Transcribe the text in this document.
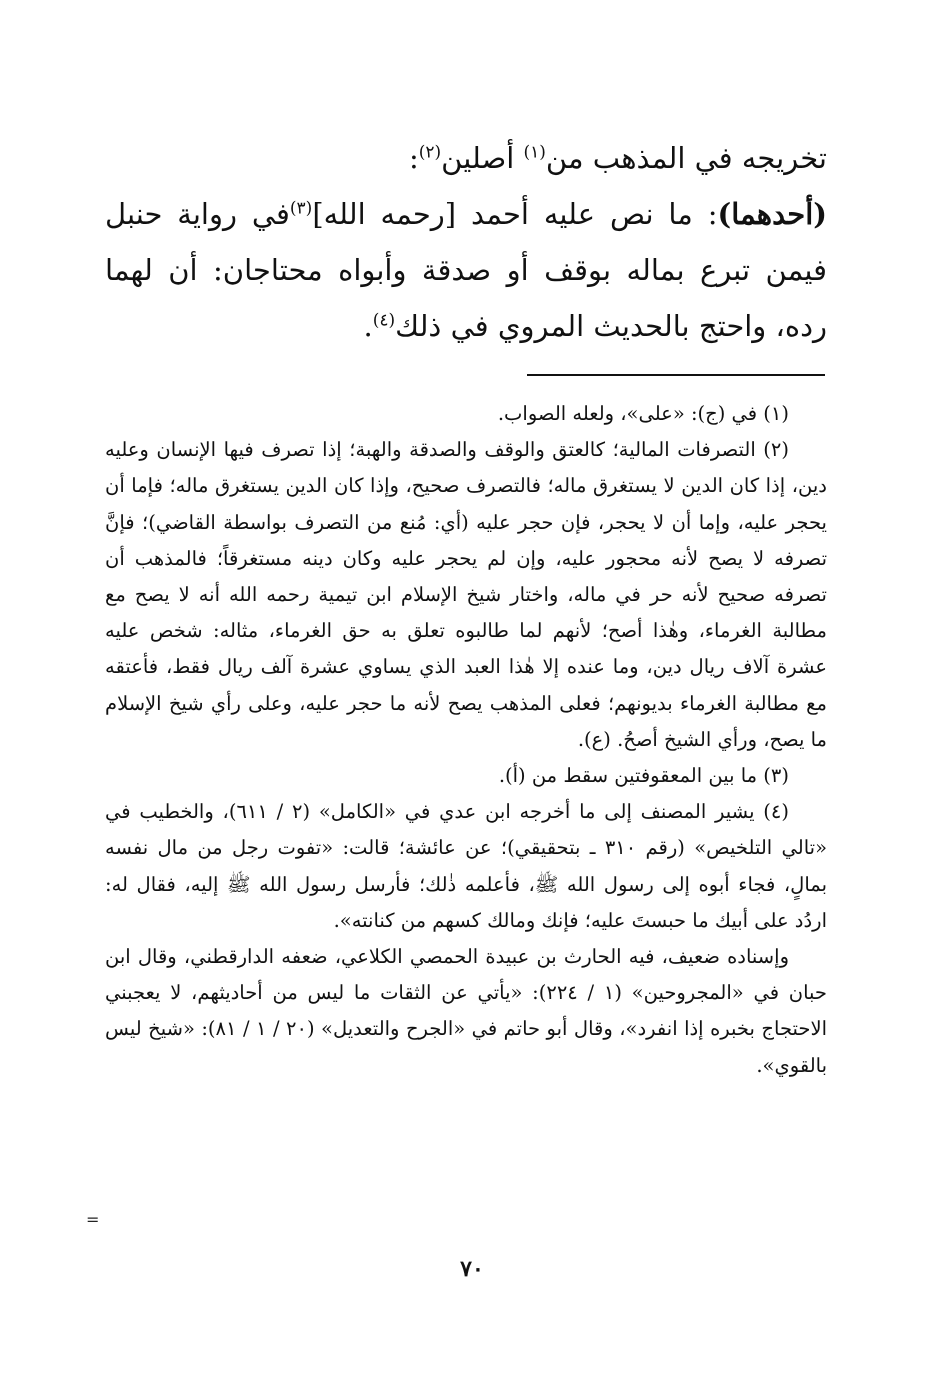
تخريجه في المذهب من$^{(١)}$ أصلين$^{(٢)}$:

(أحدهما): ما نص عليه أحمد [رحمه الله]$^{(٣)}$في رواية حنبل فيمن تبرع بماله بوقف أو صدقة وأبواه محتاجان: أن لهما رده، واحتج بالحديث المروي في ذلك$^{(٤)}$.

(١) في (ج): «على»، ولعله الصواب.

(٢) التصرفات المالية؛ كالعتق والوقف والصدقة والهبة؛ إذا تصرف فيها الإنسان وعليه دين، إذا كان الدين لا يستغرق ماله؛ فالتصرف صحيح، وإذا كان الدين يستغرق ماله؛ فإما أن يحجر عليه، وإما أن لا يحجر، فإن حجر عليه (أي: مُنع من التصرف بواسطة القاضي)؛ فإنَّ تصرفه لا يصح لأنه محجور عليه، وإن لم يحجر عليه وكان دينه مستغرقاً؛ فالمذهب أن تصرفه صحيح لأنه حر في ماله، واختار شيخ الإسلام ابن تيمية رحمه الله أنه لا يصح مع مطالبة الغرماء، وهٰذا أصح؛ لأنهم لما طالبوه تعلق به حق الغرماء، مثاله: شخص عليه عشرة آلاف ريال دين، وما عنده إلا هٰذا العبد الذي يساوي عشرة آلف ريال فقط، فأعتقه مع مطالبة الغرماء بديونهم؛ فعلى المذهب يصح لأنه ما حجر عليه، وعلى رأي شيخ الإسلام ما يصح، ورأي الشيخ أصحُ. (ع).

(٣) ما بين المعقوفتين سقط من (أ).

(٤) يشير المصنف إلى ما أخرجه ابن عدي في «الكامل» (٢ / ٦١١)، والخطيب في «تالي التلخيص» (رقم ٣١٠ ـ بتحقيقي)؛ عن عائشة؛ قالت: «تفوت رجل من مال نفسه بمالٍ، فجاء أبوه إلى رسول الله ﷺ، فأعلمه ذٰلك؛ فأرسل رسول الله ﷺ إليه، فقال له: اردُد على أبيك ما حبستَ عليه؛ فإنك ومالك كسهم من كنانته».

وإسناده ضعيف، فيه الحارث بن عبيدة الحمصي الكلاعي، ضعفه الدارقطني، وقال ابن حبان في «المجروحين» (١ / ٢٢٤): «يأتي عن الثقات ما ليس من أحاديثهم، لا يعجبني الاحتجاج بخبره إذا انفرد»، وقال أبو حاتم في «الجرح والتعديل» (٢٠ / ١ / ٨١): «شيخ ليس بالقوي».

=
٧٠
